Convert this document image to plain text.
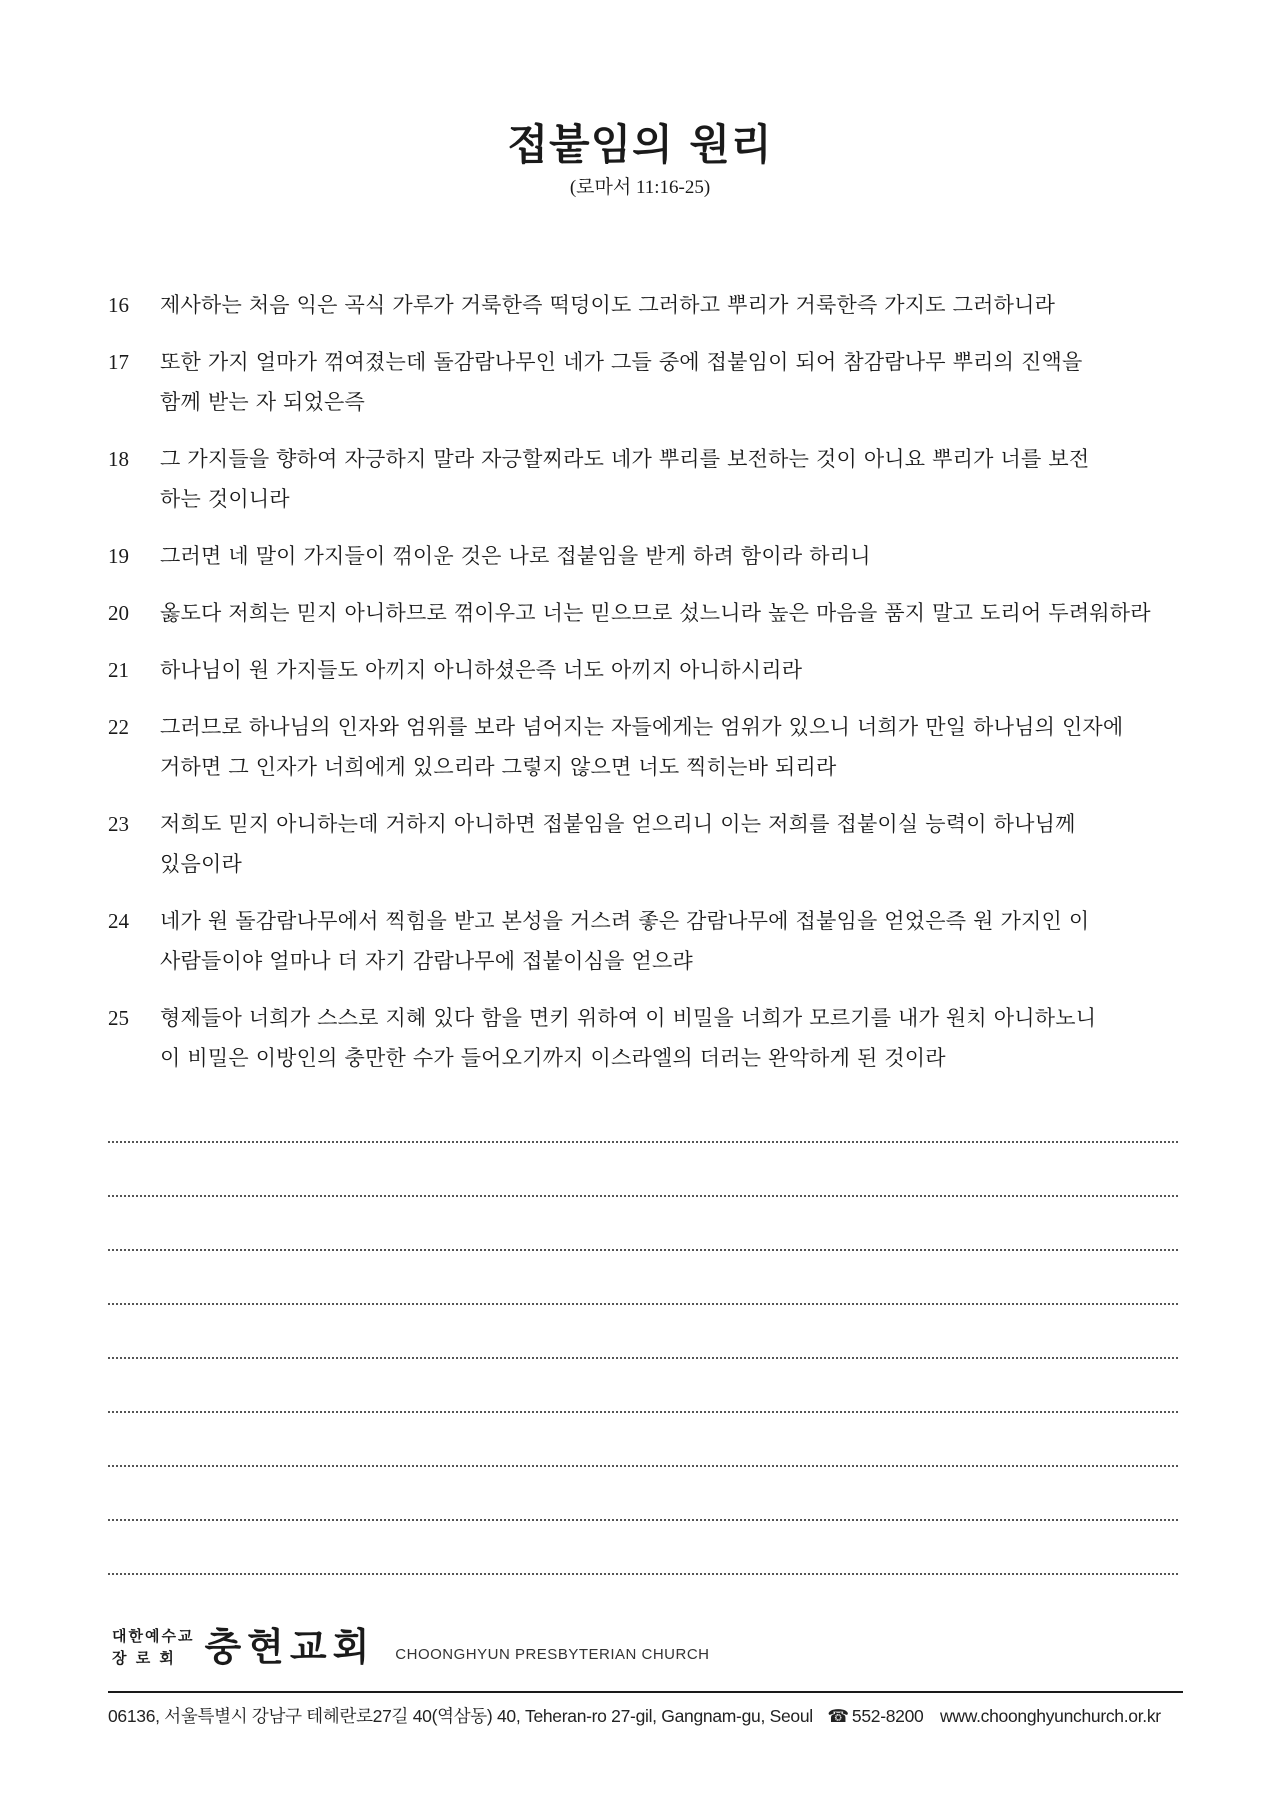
접붙임의 원리
(로마서 11:16-25)
16	제사하는 처음 익은 곡식 가루가 거룩한즉 떡덩이도 그러하고 뿌리가 거룩한즉 가지도 그러하니라
17	또한 가지 얼마가 꺾여졌는데 돌감람나무인 네가 그들 중에 접붙임이 되어 참감람나무 뿌리의 진액을
함께 받는 자 되었은즉
18	그 가지들을 향하여 자긍하지 말라 자긍할찌라도 네가 뿌리를 보전하는 것이 아니요 뿌리가 너를 보전
하는 것이니라
19	그러면 네 말이 가지들이 꺾이운 것은 나로 접붙임을 받게 하려 함이라 하리니
20	옳도다 저희는 믿지 아니하므로 꺾이우고 너는 믿으므로 섰느니라 높은 마음을 품지 말고 도리어 두려워하라
21	하나님이 원 가지들도 아끼지 아니하셨은즉 너도 아끼지 아니하시리라
22	그러므로 하나님의 인자와 엄위를 보라 넘어지는 자들에게는 엄위가 있으니 너희가 만일 하나님의 인자에
거하면 그 인자가 너희에게 있으리라 그렇지 않으면 너도 찍히는바 되리라
23	저희도 믿지 아니하는데 거하지 아니하면 접붙임을 얻으리니 이는 저희를 접붙이실 능력이 하나님께
있음이라
24	네가 원 돌감람나무에서 찍힘을 받고 본성을 거스려 좋은 감람나무에 접붙임을 얻었은즉 원 가지인 이
사람들이야 얼마나 더 자기 감람나무에 접붙이심을 얻으랴
25	형제들아 너희가 스스로 지혜 있다 함을 면키 위하여 이 비밀을 너희가 모르기를 내가 원치 아니하노니
이 비밀은 이방인의 충만한 수가 들어오기까지 이스라엘의 더러는 완악하게 된 것이라
대한예수교
장 로 회 충현교회 CHOONGHYUN PRESBYTERIAN CHURCH
06136, 서울특별시 강남구 테헤란로27길 40(역삼동) 40, Teheran-ro 27-gil, Gangnam-gu, Seoul ☎ 552-8200 www.choonghyunchurch.or.kr
